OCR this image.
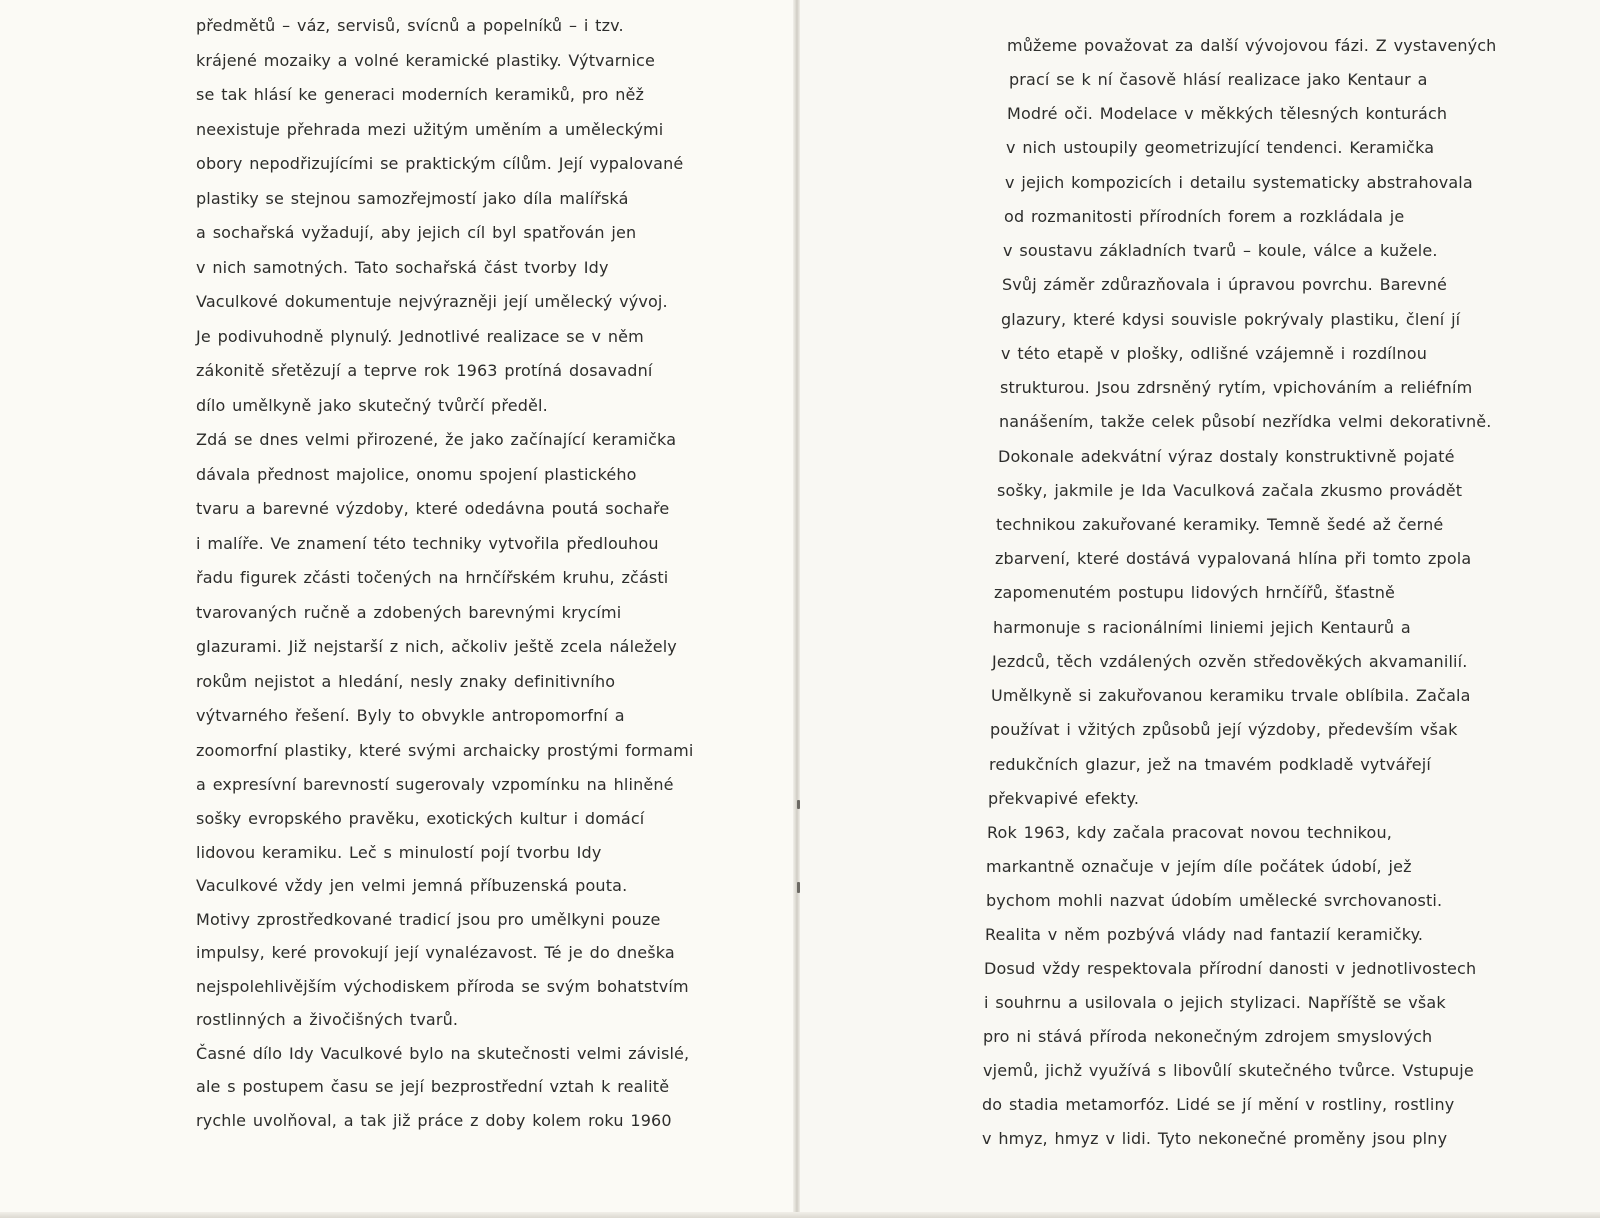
předmětů – váz, servisů, svícnů a popelníků – i tzv.

krájené mozaiky a volné keramické plastiky. Výtvarnice

se tak hlásí ke generaci moderních keramiků, pro něž

neexistuje přehrada mezi užitým uměním a uměleckými

obory nepodřizujícími se praktickým cílům. Její vypalované

plastiky se stejnou samozřejmostí jako díla malířská

a sochařská vyžadují, aby jejich cíl byl spatřován jen

v nich samotných. Tato sochařská část tvorby Idy

Vaculkové dokumentuje nejvýrazněji její umělecký vývoj.

Je podivuhodně plynulý. Jednotlivé realizace se v něm

zákonitě sřetězují a teprve rok 1963 protíná dosavadní

dílo umělkyně jako skutečný tvůrčí předěl.

Zdá se dnes velmi přirozené, že jako začínající keramička

dávala přednost majolice, onomu spojení plastického

tvaru a barevné výzdoby, které odedávna poutá sochaře

i malíře. Ve znamení této techniky vytvořila předlouhou

řadu figurek zčásti točených na hrnčířském kruhu, zčásti

tvarovaných ručně a zdobených barevnými krycími

glazurami. Již nejstarší z nich, ačkoliv ještě zcela náležely

rokům nejistot a hledání, nesly znaky definitivního

výtvarného řešení. Byly to obvykle antropomorfní a

zoomorfní plastiky, které svými archaicky prostými formami

a expresívní barevností sugerovaly vzpomínku na hliněné

sošky evropského pravěku, exotických kultur i domácí

lidovou keramiku. Leč s minulostí pojí tvorbu Idy

Vaculkové vždy jen velmi jemná příbuzenská pouta.

Motivy zprostředkované tradicí jsou pro umělkyni pouze

impulsy, keré provokují její vynalézavost. Té je do dneška

nejspolehlivějším východiskem příroda se svým bohatstvím

rostlinných a živočišných tvarů.

Časné dílo Idy Vaculkové bylo na skutečnosti velmi závislé,

ale s postupem času se její bezprostřední vztah k realitě

rychle uvolňoval, a tak již práce z doby kolem roku 1960

můžeme považovat za další vývojovou fázi. Z vystavených

prací se k ní časově hlásí realizace jako Kentaur a

Modré oči. Modelace v měkkých tělesných konturách

v nich ustoupily geometrizující tendenci. Keramička

v jejich kompozicích i detailu systematicky abstrahovala

od rozmanitosti přírodních forem a rozkládala je

v soustavu základních tvarů – koule, válce a kužele.

Svůj záměr zdůrazňovala i úpravou povrchu. Barevné

glazury, které kdysi souvisle pokrývaly plastiku, člení jí

v této etapě v plošky, odlišné vzájemně i rozdílnou

strukturou. Jsou zdrsněný rytím, vpichováním a reliéfním

nanášením, takže celek působí nezřídka velmi dekorativně.

Dokonale adekvátní výraz dostaly konstruktivně pojaté

sošky, jakmile je Ida Vaculková začala zkusmo provádět

technikou zakuřované keramiky. Temně šedé až černé

zbarvení, které dostává vypalovaná hlína při tomto zpola

zapomenutém postupu lidových hrnčířů, šťastně

harmonuje s racionálními liniemi jejich Kentaurů a

Jezdců, těch vzdálených ozvěn středověkých akvamanilií.

Umělkyně si zakuřovanou keramiku trvale oblíbila. Začala

používat i vžitých způsobů její výzdoby, především však

redukčních glazur, jež na tmavém podkladě vytvářejí

překvapivé efekty.

Rok 1963, kdy začala pracovat novou technikou,

markantně označuje v jejím díle počátek údobí, jež

bychom mohli nazvat údobím umělecké svrchovanosti.

Realita v něm pozbývá vlády nad fantazií keramičky.

Dosud vždy respektovala přírodní danosti v jednotlivostech

i souhrnu a usilovala o jejich stylizaci. Napříště se však

pro ni stává příroda nekonečným zdrojem smyslových

vjemů, jichž využívá s libovůlí skutečného tvůrce. Vstupuje

do stadia metamorfóz. Lidé se jí mění v rostliny, rostliny

v hmyz, hmyz v lidi. Tyto nekonečné proměny jsou plny
